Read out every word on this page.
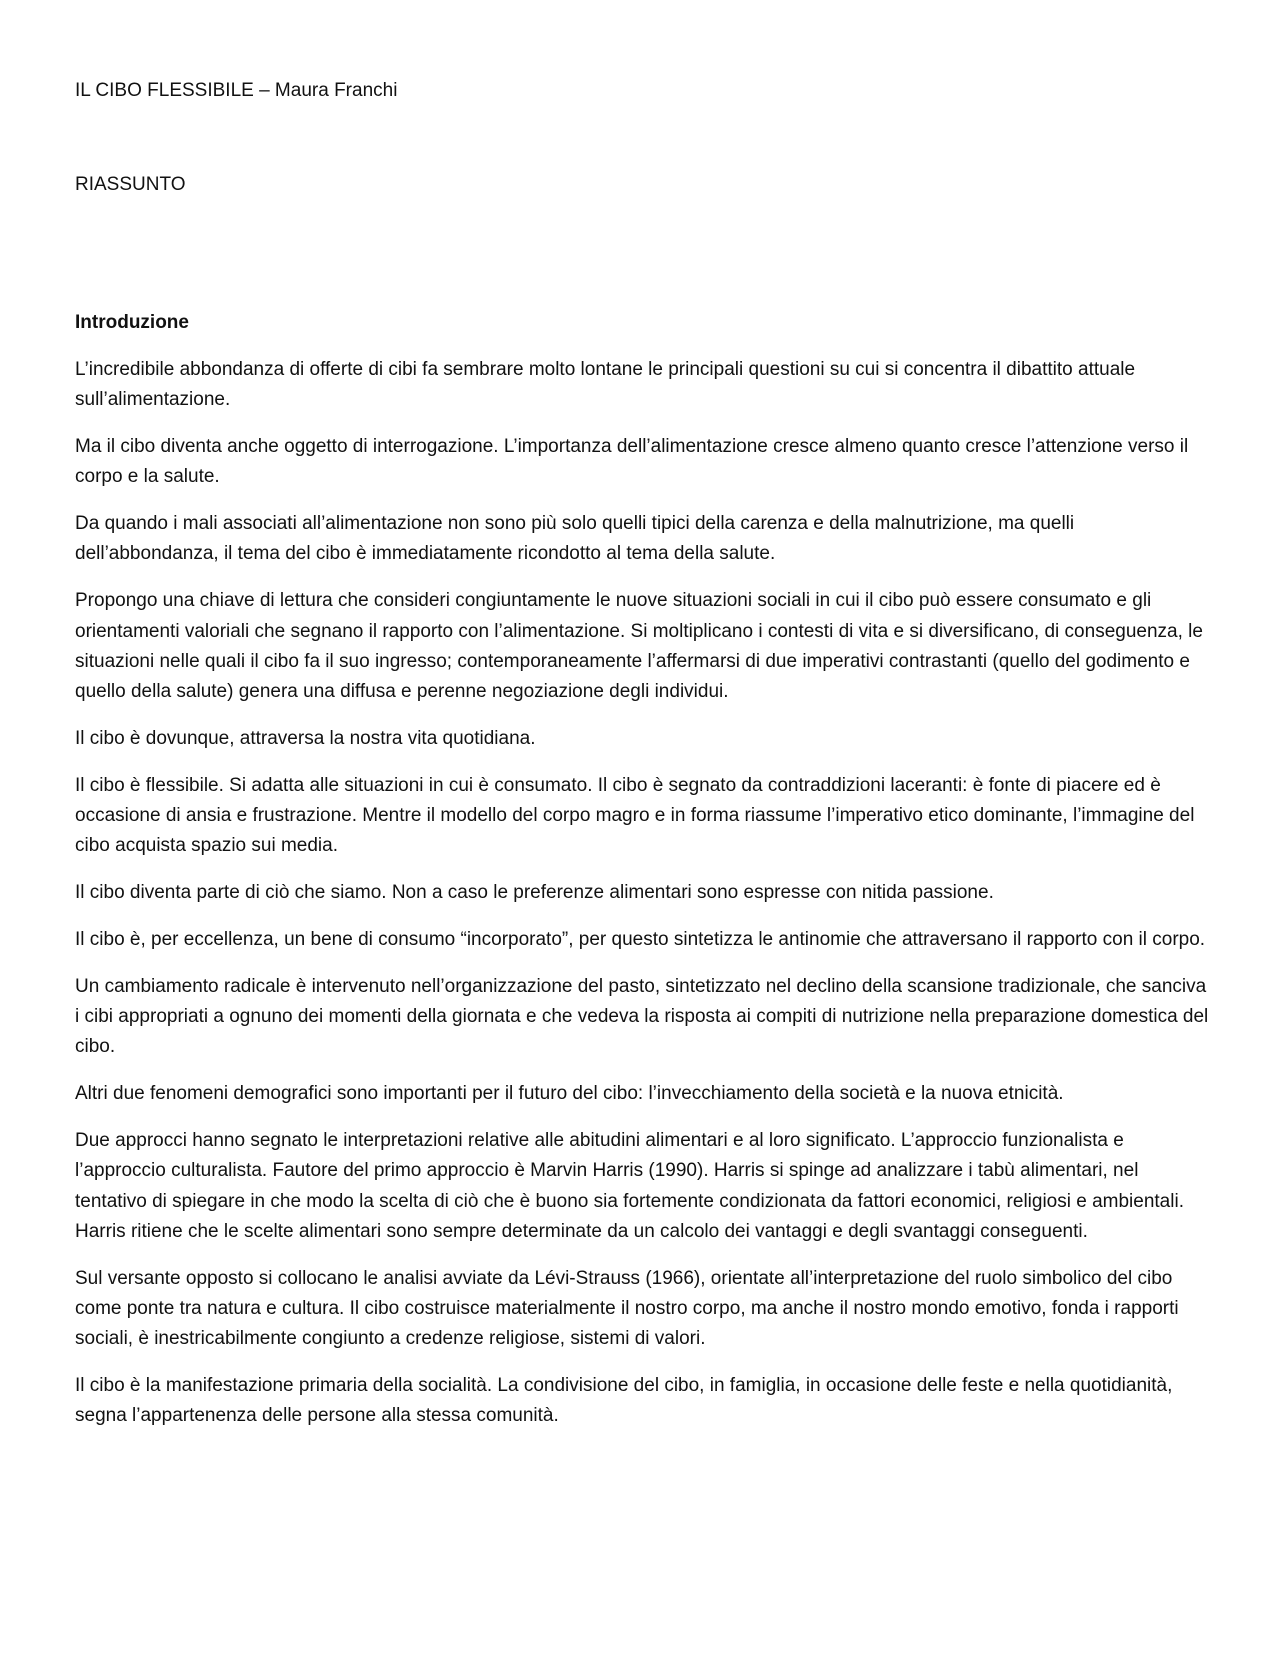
IL CIBO FLESSIBILE – Maura Franchi

RIASSUNTO

Introduzione

L’incredibile abbondanza di offerte di cibi fa sembrare molto lontane le principali questioni su cui si concentra il dibattito attuale sull’alimentazione.

Ma il cibo diventa anche oggetto di interrogazione. L’importanza dell’alimentazione cresce almeno quanto cresce l’attenzione verso il corpo e la salute.

Da quando i mali associati all’alimentazione non sono più solo quelli tipici della carenza e della malnutrizione, ma quelli dell’abbondanza, il tema del cibo è immediatamente ricondotto al tema della salute.

Propongo una chiave di lettura che consideri congiuntamente le nuove situazioni sociali in cui il cibo può essere consumato e gli orientamenti valoriali che segnano il rapporto con l’alimentazione. Si moltiplicano i contesti di vita e si diversificano, di conseguenza, le situazioni nelle quali il cibo fa il suo ingresso; contemporaneamente l’affermarsi di due imperativi contrastanti (quello del godimento e quello della salute) genera una diffusa e perenne negoziazione degli individui.

Il cibo è dovunque, attraversa la nostra vita quotidiana.

Il cibo è flessibile. Si adatta alle situazioni in cui è consumato. Il cibo è segnato da contraddizioni laceranti: è fonte di piacere ed è occasione di ansia e frustrazione. Mentre il modello del corpo magro e in forma riassume l’imperativo etico dominante, l’immagine del cibo acquista spazio sui media.

Il cibo diventa parte di ciò che siamo. Non a caso le preferenze alimentari sono espresse con nitida passione.

Il cibo è, per eccellenza, un bene di consumo “incorporato”, per questo sintetizza le antinomie che attraversano il rapporto con il corpo.

Un cambiamento radicale è intervenuto nell’organizzazione del pasto, sintetizzato nel declino della scansione tradizionale, che sanciva i cibi appropriati a ognuno dei momenti della giornata e che vedeva la risposta ai compiti di nutrizione nella preparazione domestica del cibo.

Altri due fenomeni demografici sono importanti per il futuro del cibo: l’invecchiamento della società e la nuova etnicità.

Due approcci hanno segnato le interpretazioni relative alle abitudini alimentari e al loro significato. L’approccio funzionalista e l’approccio culturalista. Fautore del primo approccio è Marvin Harris (1990). Harris si spinge ad analizzare i tabù alimentari, nel tentativo di spiegare in che modo la scelta di ciò che è buono sia fortemente condizionata da fattori economici, religiosi e ambientali. Harris ritiene che le scelte alimentari sono sempre determinate da un calcolo dei vantaggi e degli svantaggi conseguenti.

Sul versante opposto si collocano le analisi avviate da Lévi-Strauss (1966), orientate all’interpretazione del ruolo simbolico del cibo come ponte tra natura e cultura. Il cibo costruisce materialmente il nostro corpo, ma anche il nostro mondo emotivo, fonda i rapporti sociali, è inestricabilmente congiunto a credenze religiose, sistemi di valori.

Il cibo è la manifestazione primaria della socialità. La condivisione del cibo, in famiglia, in occasione delle feste e nella quotidianità, segna l’appartenenza delle persone alla stessa comunità.
